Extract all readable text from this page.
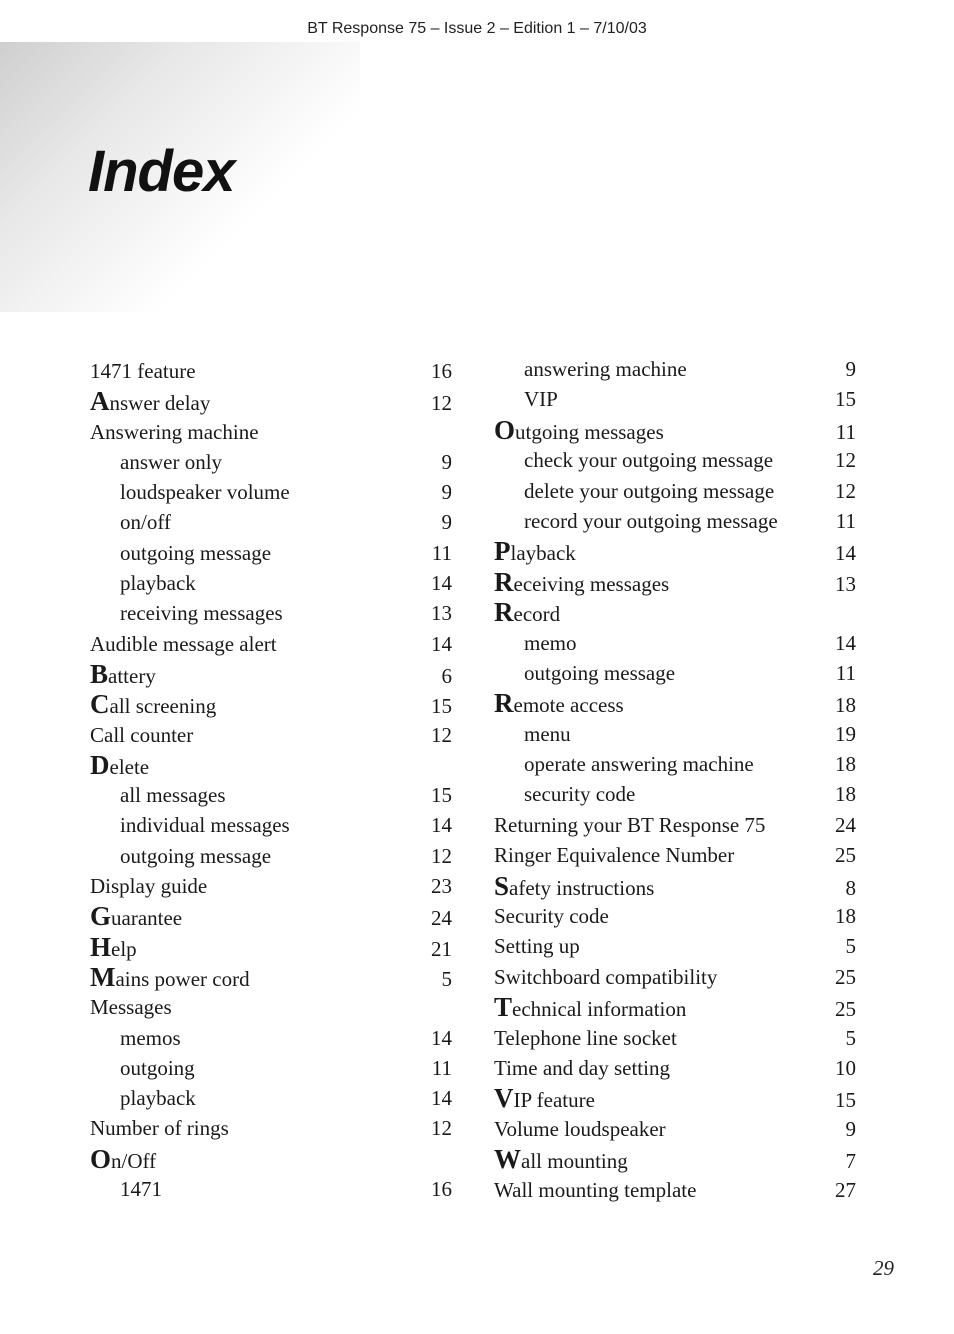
BT Response 75 – Issue 2 – Edition 1 – 7/10/03
Index
1471 feature	16
Answer delay	12
Answering machine
answer only	9
loudspeaker volume	9
on/off	9
outgoing message	11
playback	14
receiving messages	13
Audible message alert	14
Battery	6
Call screening	15
Call counter	12
Delete
all messages	15
individual messages	14
outgoing message	12
Display guide	23
Guarantee	24
Help	21
Mains power cord	5
Messages
memos	14
outgoing	11
playback	14
Number of rings	12
On/Off
1471	16
answering machine	9
VIP	15
Outgoing messages	11
check your outgoing message	12
delete your outgoing message	12
record your outgoing message	11
Playback	14
Receiving messages	13
Record
memo	14
outgoing message	11
Remote access	18
menu	19
operate answering machine	18
security code	18
Returning your BT Response 75	24
Ringer Equivalence Number	25
Safety instructions	8
Security code	18
Setting up	5
Switchboard compatibility	25
Technical information	25
Telephone line socket	5
Time and day setting	10
VIP feature	15
Volume loudspeaker	9
Wall mounting	7
Wall mounting template	27
29
